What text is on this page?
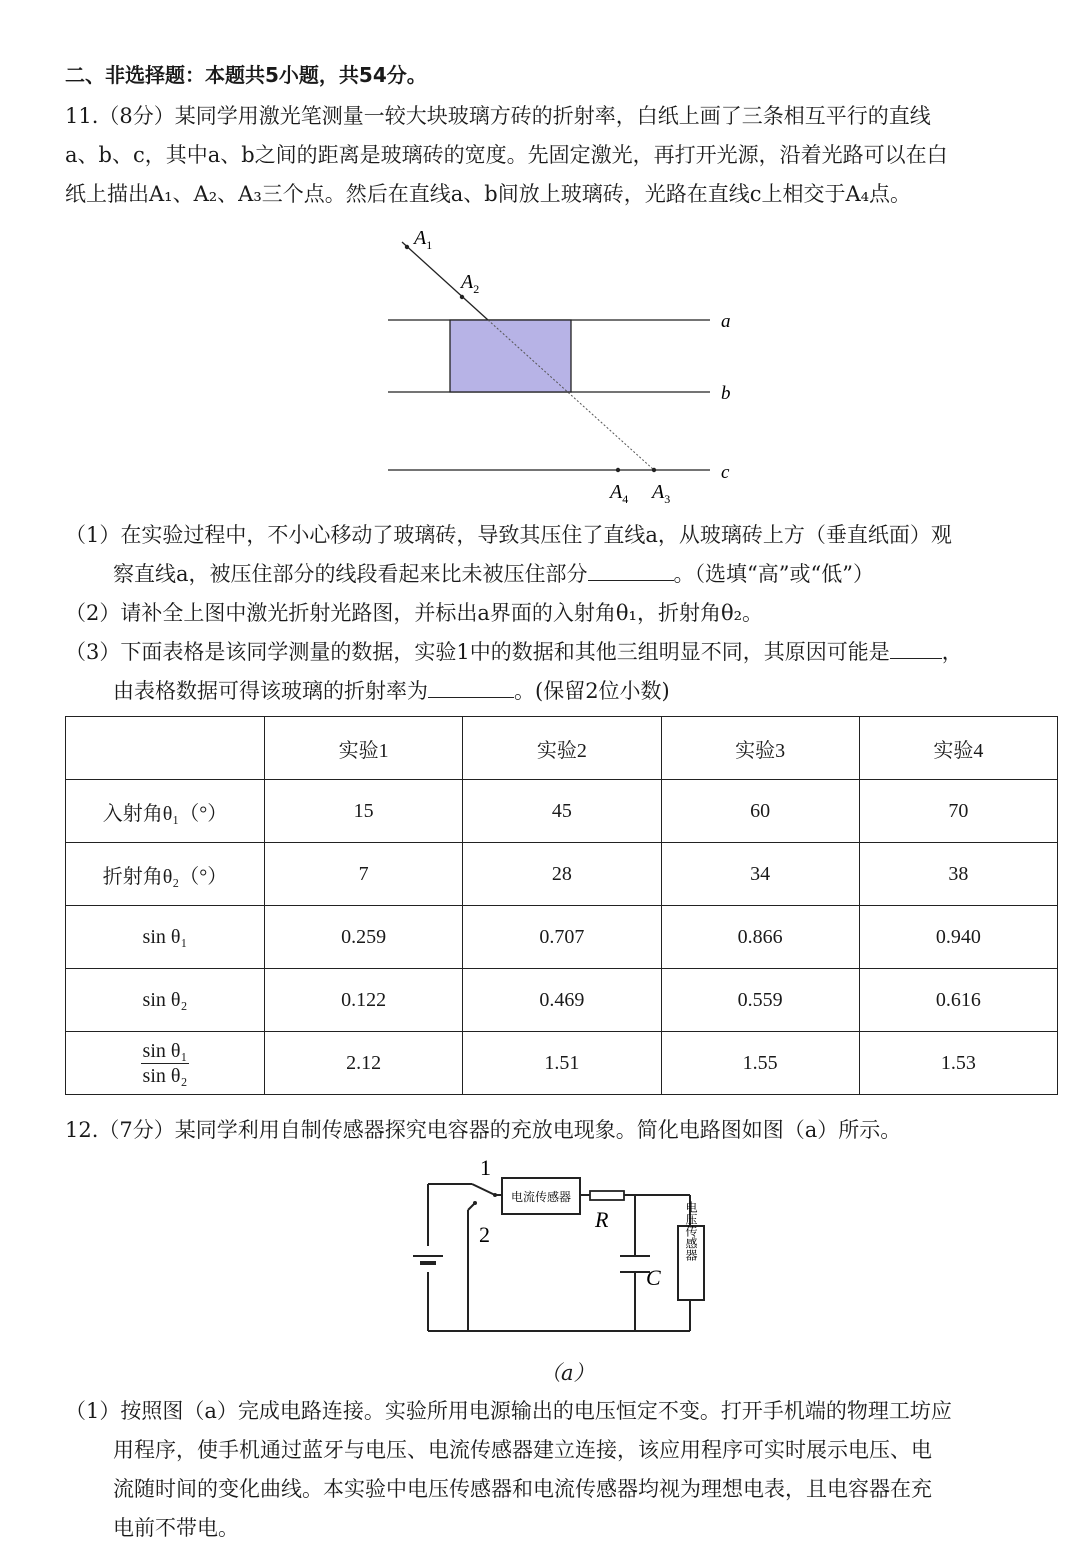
二、非选择题：本题共5小题，共54分。
11.（8分）某同学用激光笔测量一较大块玻璃方砖的折射率，白纸上画了三条相互平行的直线
a、b、c，其中a、b之间的距离是玻璃砖的宽度。先固定激光，再打开光源，沿着光路可以在白
纸上描出A₁、A₂、A₃三个点。然后在直线a、b间放上玻璃砖，光路在直线c上相交于A₄点。
$A_1$
$A_2$
$A_4$ $A_3$
a
b
c
（1）在实验过程中，不小心移动了玻璃砖，导致其压住了直线a，从玻璃砖上方（垂直纸面）观
察直线a，被压住部分的线段看起来比未被压住部分	。（选填“高”或“低”）
（2）请补全上图中激光折射光路图，并标出a界面的入射角θ₁，折射角θ₂。
（3）下面表格是该同学测量的数据，实验1中的数据和其他三组明显不同，其原因可能是 ，
由表格数据可得该玻璃的折射率为	。(保留2位小数)
	实验1	实验2	实验3	实验4
入射角θ₁（°）	15	45	60	70
折射角θ₂（°）	7	28	34	38
sin θ₁	0.259	0.707	0.866	0.940
sin θ₂	0.122	0.469	0.559	0.616

$\frac{\text{sin θ₁}}{\text{sin θ₂}}$	2.12	1.51	1.55	1.53
12.（7分）某同学利用自制传感器探究电容器的充放电现象。简化电路图如图（a）所示。
1
2
电流传感器
R
C
电压传感器
（a）
（1）按照图（a）完成电路连接。实验所用电源输出的电压恒定不变。打开手机端的物理工坊应
用程序，使手机通过蓝牙与电压、电流传感器建立连接，该应用程序可实时展示电压、电
流随时间的变化曲线。本实验中电压传感器和电流传感器均视为理想电表，且电容器在充
电前不带电。
